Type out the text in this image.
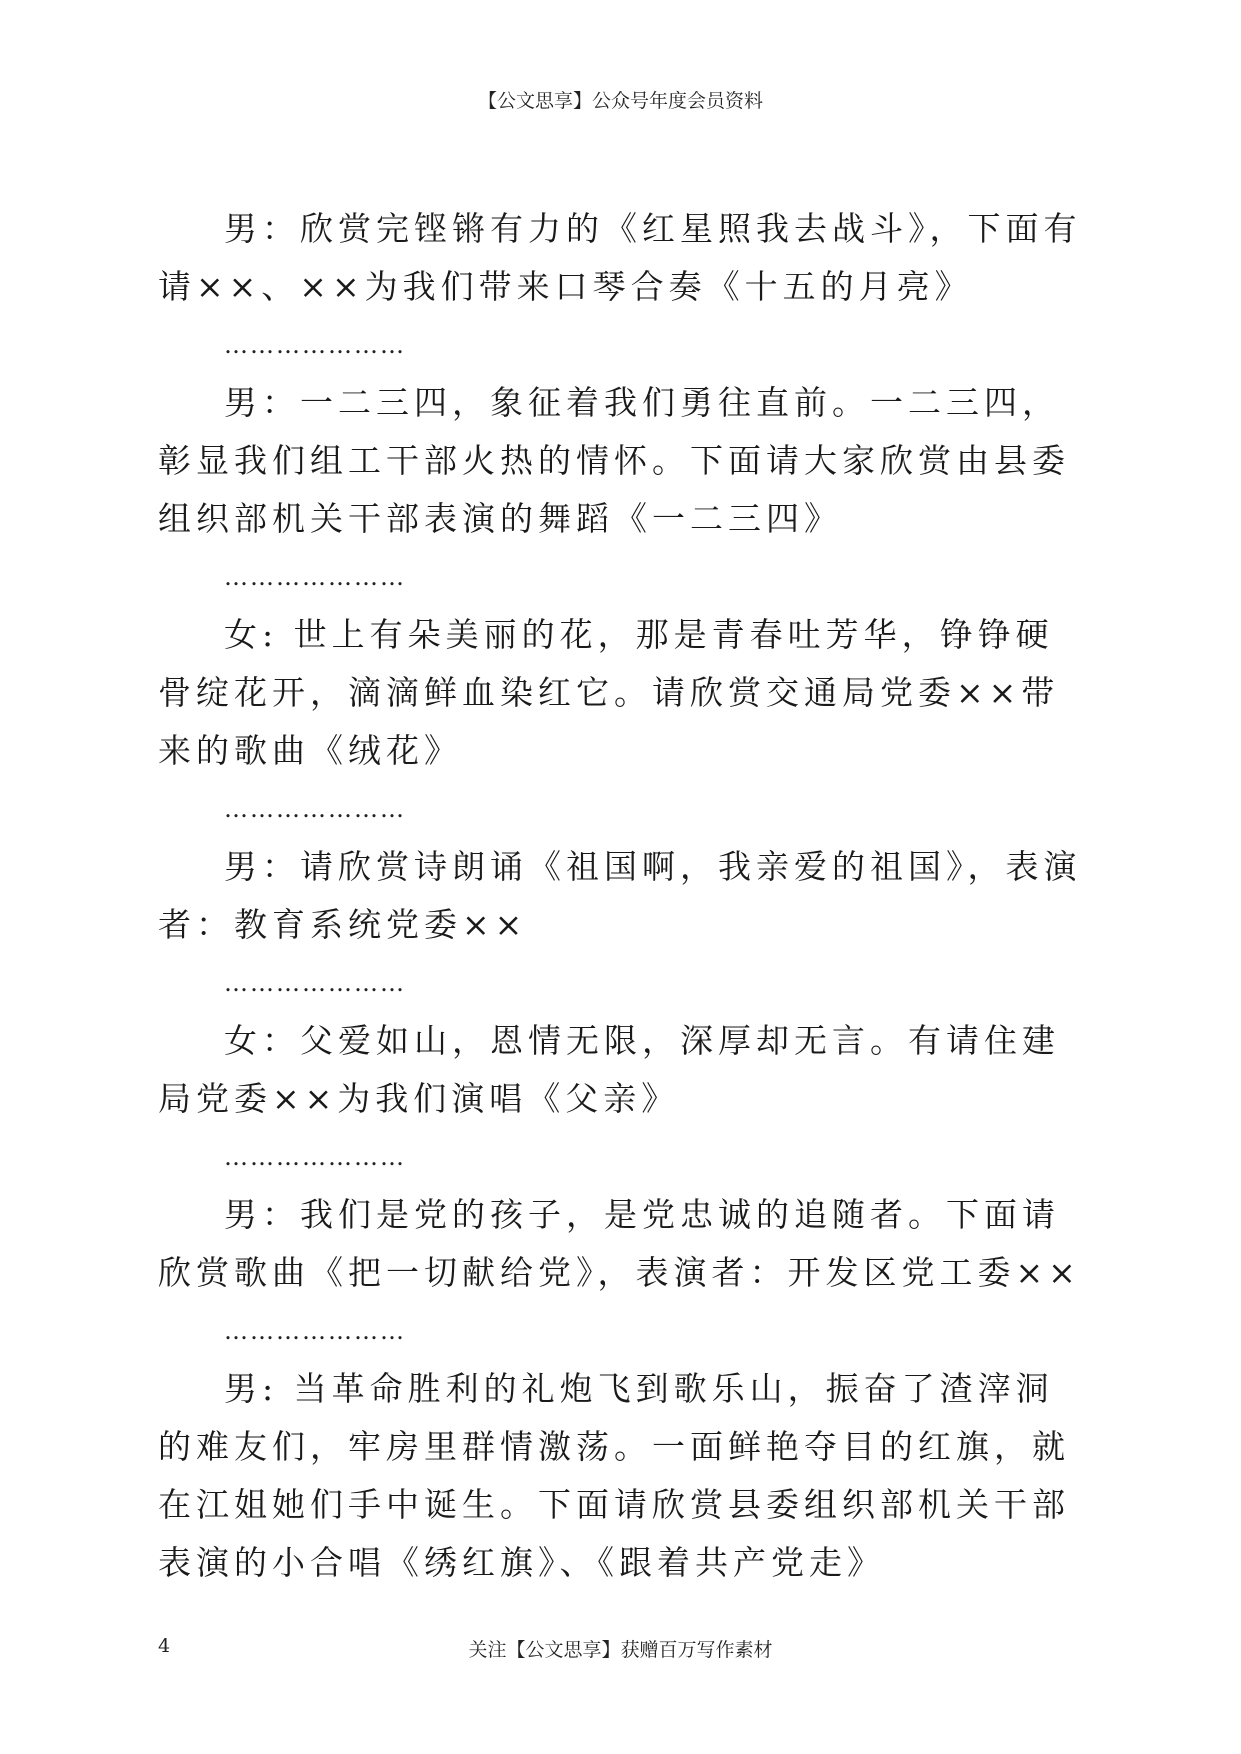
【公文思享】公众号年度会员资料

男：欣赏完铿锵有力的《红星照我去战斗》，下面有请××、××为我们带来口琴合奏《十五的月亮》

…………………

男：一二三四，象征着我们勇往直前。一二三四，彰显我们组工干部火热的情怀。下面请大家欣赏由县委组织部机关干部表演的舞蹈《一二三四》

…………………

女: 世上有朵美丽的花，那是青春吐芳华，铮铮硬骨绽花开，滴滴鲜血染红它。请欣赏交通局党委××带来的歌曲《绒花》

…………………

男：请欣赏诗朗诵《祖国啊，我亲爱的祖国》，表演者：教育系统党委××

…………………

女：父爱如山，恩情无限，深厚却无言。有请住建局党委××为我们演唱《父亲》

…………………

男：我们是党的孩子，是党忠诚的追随者。下面请欣赏歌曲《把一切献给党》，表演者：开发区党工委××

…………………

男: 当革命胜利的礼炮飞到歌乐山，振奋了渣滓洞的难友们，牢房里群情激荡。一面鲜艳夺目的红旗，就在江姐她们手中诞生。下面请欣赏县委组织部机关干部表演的小合唱《绣红旗》、《跟着共产党走》

4	关注【公文思享】获赠百万写作素材
